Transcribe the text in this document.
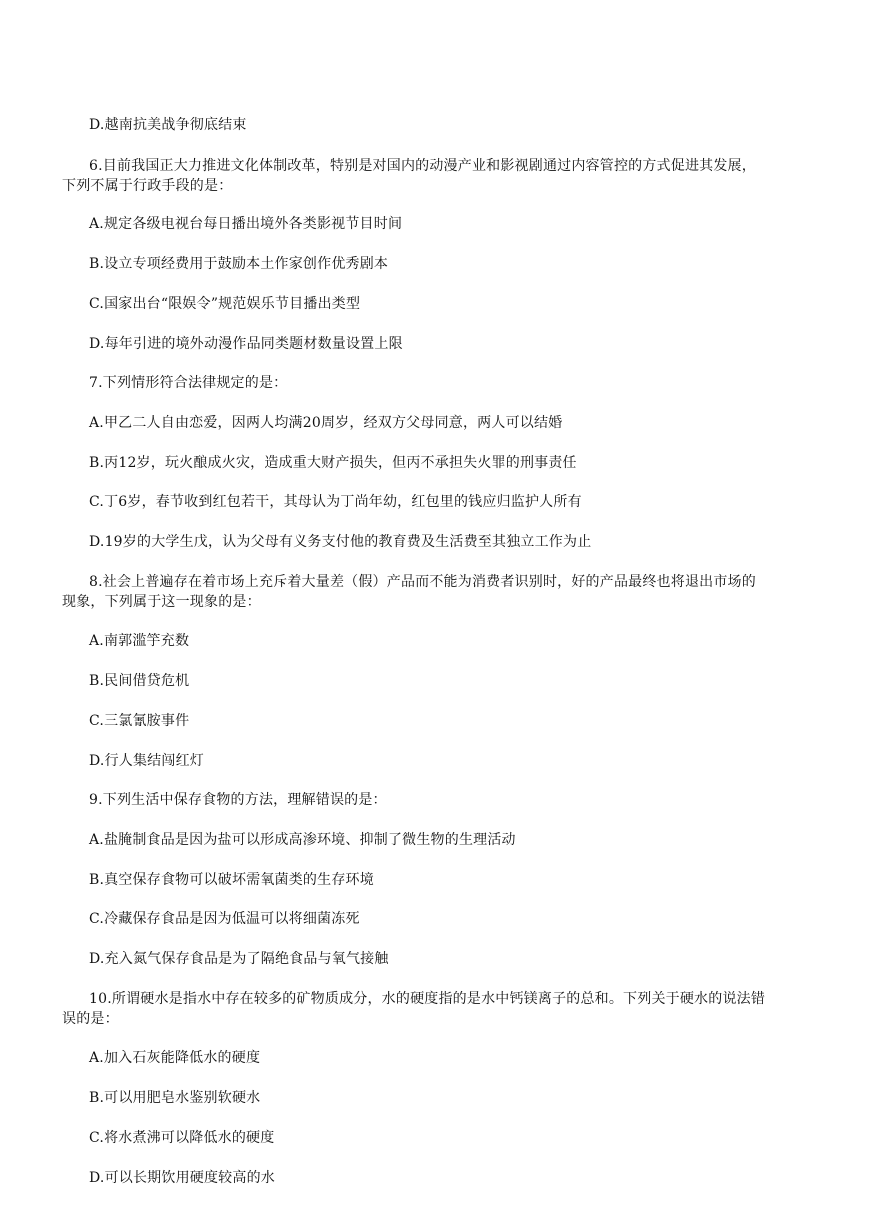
D.越南抗美战争彻底结束

6.目前我国正大力推进文化体制改革，特别是对国内的动漫产业和影视剧通过内容管控的方式促进其发展，

下列不属于行政手段的是：

A.规定各级电视台每日播出境外各类影视节目时间

B.设立专项经费用于鼓励本土作家创作优秀剧本

C.国家出台“限娱令”规范娱乐节目播出类型

D.每年引进的境外动漫作品同类题材数量设置上限

7.下列情形符合法律规定的是：

A.甲乙二人自由恋爱，因两人均满20周岁，经双方父母同意，两人可以结婚

B.丙12岁，玩火酿成火灾，造成重大财产损失，但丙不承担失火罪的刑事责任

C.丁6岁，春节收到红包若干，其母认为丁尚年幼，红包里的钱应归监护人所有

D.19岁的大学生戊，认为父母有义务支付他的教育费及生活费至其独立工作为止

8.社会上普遍存在着市场上充斥着大量差（假）产品而不能为消费者识别时，好的产品最终也将退出市场的

现象，下列属于这一现象的是：

A.南郭滥竽充数

B.民间借贷危机

C.三氯氰胺事件

D.行人集结闯红灯

9.下列生活中保存食物的方法，理解错误的是：

A.盐腌制食品是因为盐可以形成高渗环境、抑制了微生物的生理活动

B.真空保存食物可以破坏需氧菌类的生存环境

C.冷藏保存食品是因为低温可以将细菌冻死

D.充入氮气保存食品是为了隔绝食品与氧气接触

10.所谓硬水是指水中存在较多的矿物质成分，水的硬度指的是水中钙镁离子的总和。下列关于硬水的说法错

误的是：

A.加入石灰能降低水的硬度

B.可以用肥皂水鉴别软硬水

C.将水煮沸可以降低水的硬度

D.可以长期饮用硬度较高的水
